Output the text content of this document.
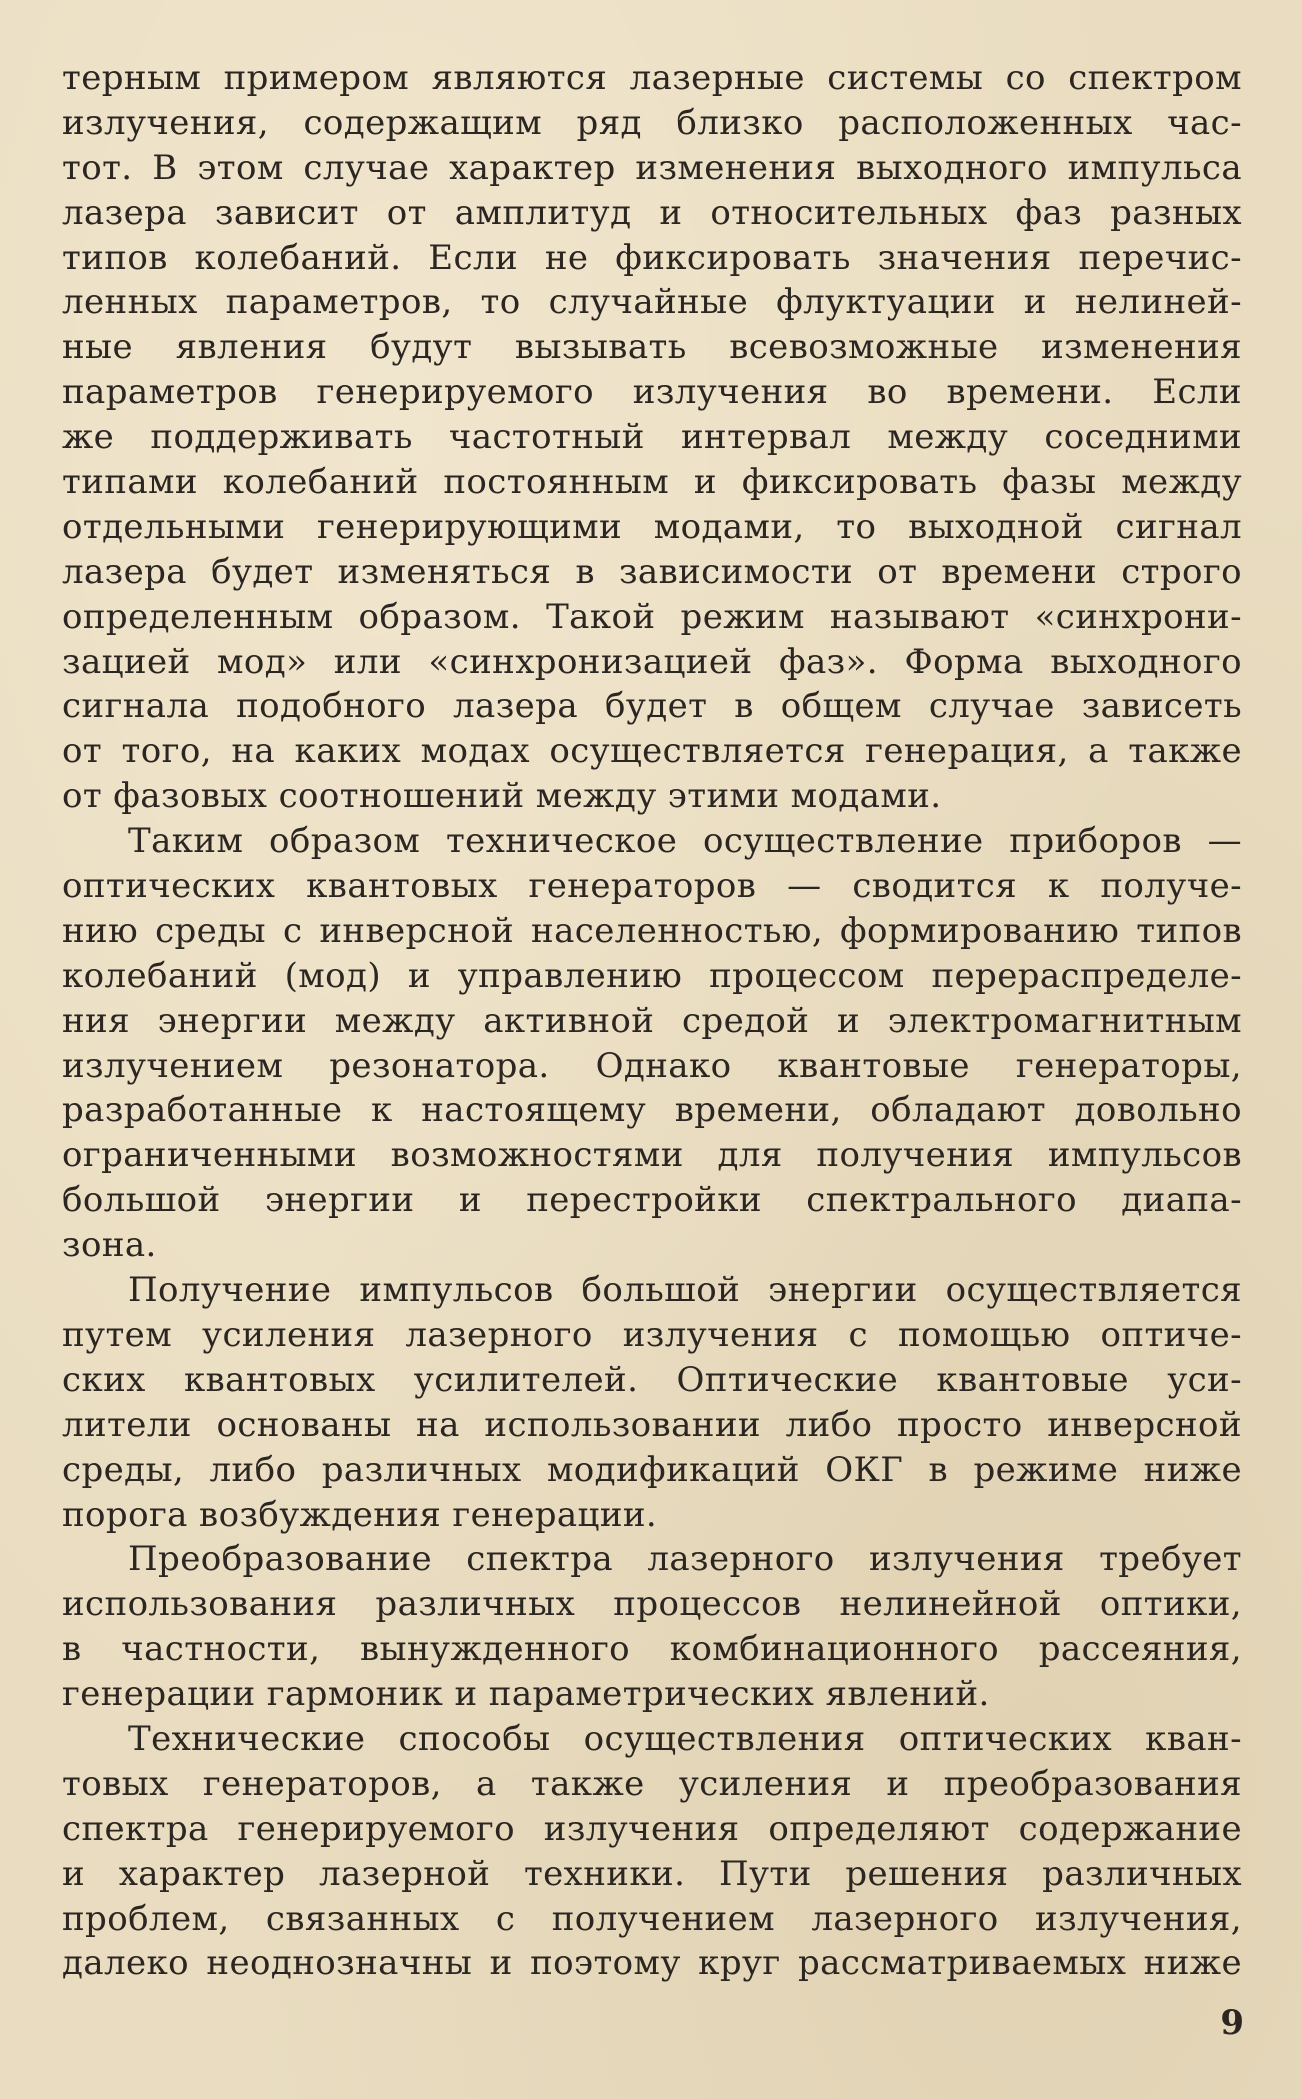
терным примером являются лазерные системы со спектром
излучения, содержащим ряд близко расположенных час-
тот. В этом случае характер изменения выходного импульса
лазера зависит от амплитуд и относительных фаз разных
типов колебаний. Если не фиксировать значения перечис-
ленных параметров, то случайные флуктуации и нелиней-
ные явления будут вызывать всевозможные изменения
параметров генерируемого излучения во времени. Если
же поддерживать частотный интервал между соседними
типами колебаний постоянным и фиксировать фазы между
отдельными генерирующими модами, то выходной сигнал
лазера будет изменяться в зависимости от времени строго
определенным образом. Такой режим называют «синхрони-
зацией мод» или «синхронизацией фаз». Форма выходного
сигнала подобного лазера будет в общем случае зависеть
от того, на каких модах осуществляется генерация, а также
от фазовых соотношений между этими модами.
Таким образом техническое осуществление приборов —
оптических квантовых генераторов — сводится к получе-
нию среды с инверсной населенностью, формированию типов
колебаний (мод) и управлению процессом перераспределе-
ния энергии между активной средой и электромагнитным
излучением резонатора. Однако квантовые генераторы,
разработанные к настоящему времени, обладают довольно
ограниченными возможностями для получения импульсов
большой энергии и перестройки спектрального диапа-
зона.
Получение импульсов большой энергии осуществляется
путем усиления лазерного излучения с помощью оптиче-
ских квантовых усилителей. Оптические квантовые уси-
лители основаны на использовании либо просто инверсной
среды, либо различных модификаций ОКГ в режиме ниже
порога возбуждения генерации.
Преобразование спектра лазерного излучения требует
использования различных процессов нелинейной оптики,
в частности, вынужденного комбинационного рассеяния,
генерации гармоник и параметрических явлений.
Технические способы осуществления оптических кван-
товых генераторов, а также усиления и преобразования
спектра генерируемого излучения определяют содержание
и характер лазерной техники. Пути решения различных
проблем, связанных с получением лазерного излучения,
далеко неоднозначны и поэтому круг рассматриваемых ниже
9
